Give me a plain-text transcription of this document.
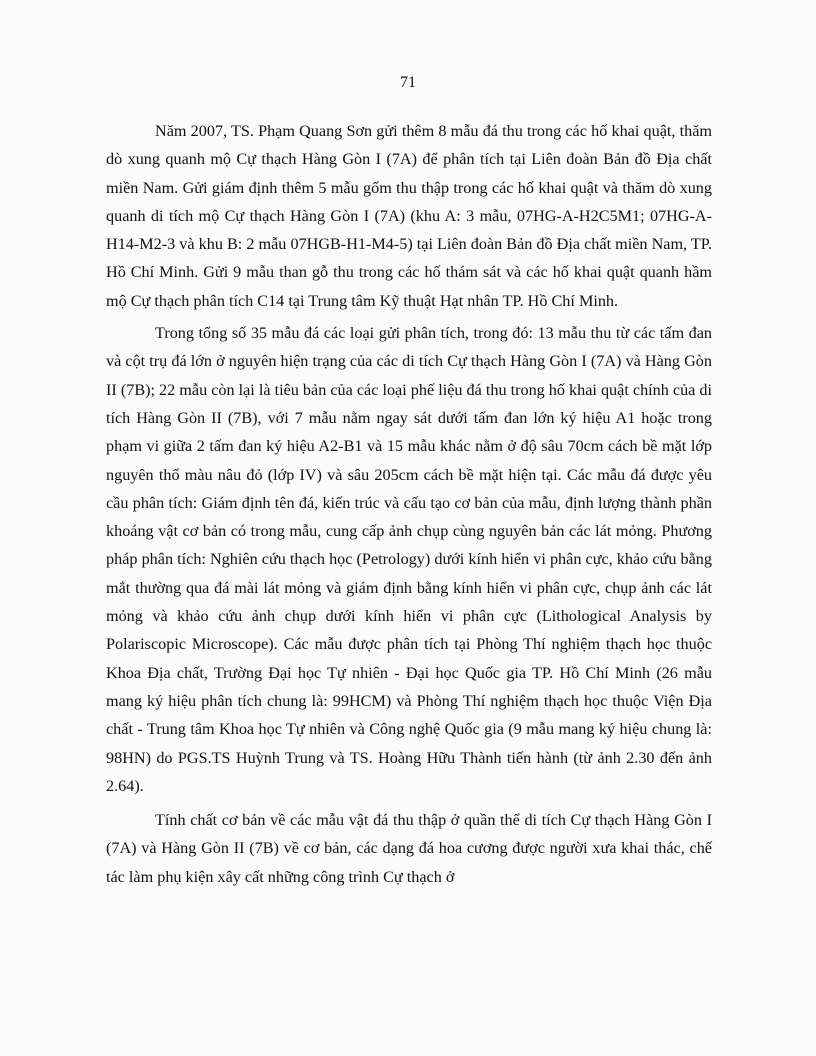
71

Năm 2007, TS. Phạm Quang Sơn gửi thêm 8 mẫu đá thu trong các hố khai quật, thăm dò xung quanh mộ Cự thạch Hàng Gòn I (7A) để phân tích tại Liên đoàn Bản đồ Địa chất miền Nam. Gửi giám định thêm 5 mẫu gốm thu thập trong các hố khai quật và thăm dò xung quanh di tích mộ Cự thạch Hàng Gòn I (7A) (khu A: 3 mẫu, 07HG-A-H2C5M1; 07HG-A-H14-M2-3 và khu B: 2 mẫu 07HGB-H1-M4-5) tại Liên đoàn Bản đồ Địa chất miền Nam, TP. Hồ Chí Minh. Gửi 9 mẫu than gỗ thu trong các hố thám sát và các hố khai quật quanh hầm mộ Cự thạch phân tích C14 tại Trung tâm Kỹ thuật Hạt nhân TP. Hồ Chí Minh.

Trong tổng số 35 mẫu đá các loại gửi phân tích, trong đó: 13 mẫu thu từ các tấm đan và cột trụ đá lớn ở nguyên hiện trạng của các di tích Cự thạch Hàng Gòn I (7A) và Hàng Gòn II (7B); 22 mẫu còn lại là tiêu bản của các loại phế liệu đá thu trong hố khai quật chính của di tích Hàng Gòn II (7B), với 7 mẫu nằm ngay sát dưới tấm đan lớn ký hiệu A1 hoặc trong phạm vi giữa 2 tấm đan ký hiệu A2-B1 và 15 mẫu khác nằm ở độ sâu 70cm cách bề mặt lớp nguyên thổ màu nâu đỏ (lớp IV) và sâu 205cm cách bề mặt hiện tại. Các mẫu đá được yêu cầu phân tích: Giám định tên đá, kiến trúc và cấu tạo cơ bản của mẫu, định lượng thành phần khoáng vật cơ bản có trong mẫu, cung cấp ảnh chụp cùng nguyên bản các lát mỏng. Phương pháp phân tích: Nghiên cứu thạch học (Petrology) dưới kính hiển vi phân cực, khảo cứu bằng mắt thường qua đá mài lát mỏng và giám định bằng kính hiển vi phân cực, chụp ảnh các lát mỏng và khảo cứu ảnh chụp dưới kính hiển vi phân cực (Lithological Analysis by Polariscopic Microscope). Các mẫu được phân tích tại Phòng Thí nghiệm thạch học thuộc Khoa Địa chất, Trường Đại học Tự nhiên - Đại học Quốc gia TP. Hồ Chí Minh (26 mẫu mang ký hiệu phân tích chung là: 99HCM) và Phòng Thí nghiệm thạch học thuộc Viện Địa chất - Trung tâm Khoa học Tự nhiên và Công nghệ Quốc gia (9 mẫu mang ký hiệu chung là: 98HN) do PGS.TS Huỳnh Trung và TS. Hoàng Hữu Thành tiến hành (từ ảnh 2.30 đến ảnh 2.64).

Tính chất cơ bản về các mẫu vật đá thu thập ở quần thể di tích Cự thạch Hàng Gòn I (7A) và Hàng Gòn II (7B) về cơ bản, các dạng đá hoa cương được người xưa khai thác, chế tác làm phụ kiện xây cất những công trình Cự thạch ở
